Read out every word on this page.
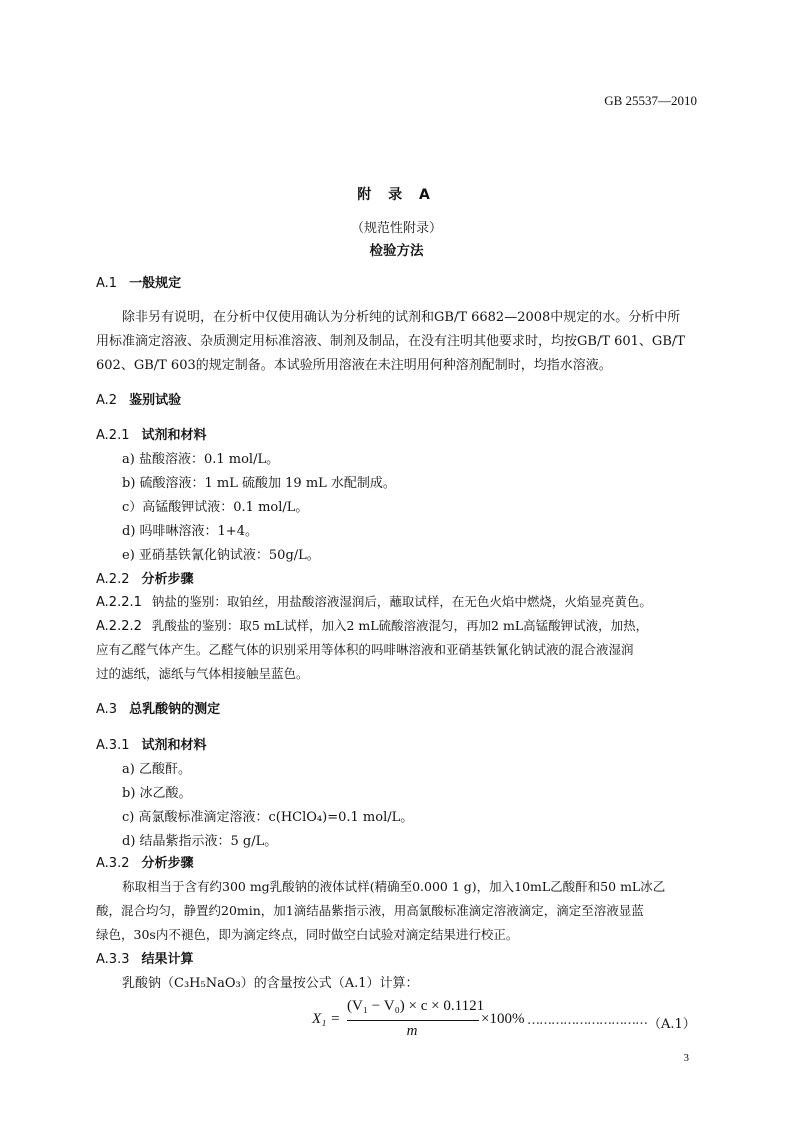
GB 25537—2010
附 录 A
（规范性附录）
检验方法
A.1 一般规定
除非另有说明，在分析中仅使用确认为分析纯的试剂和GB/T 6682—2008中规定的水。分析中所
用标准滴定溶液、杂质测定用标准溶液、制剂及制品，在没有注明其他要求时，均按GB/T 601、GB/T
602、GB/T 603的规定制备。本试验所用溶液在未注明用何种溶剂配制时，均指水溶液。
A.2 鉴别试验
A.2.1 试剂和材料
a) 盐酸溶液：0.1 mol/L。
b) 硫酸溶液：1 mL 硫酸加 19 mL 水配制成。
c）高锰酸钾试液：0.1 mol/L。
d) 吗啡啉溶液：1+4。
e) 亚硝基铁氰化钠试液：50g/L。
A.2.2 分析步骤
A.2.2.1 钠盐的鉴别：取铂丝，用盐酸溶液湿润后，蘸取试样，在无色火焰中燃烧，火焰显亮黄色。
A.2.2.2 乳酸盐的鉴别：取5 mL试样，加入2 mL硫酸溶液混匀，再加2 mL高锰酸钾试液，加热，
应有乙醛气体产生。乙醛气体的识别采用等体积的吗啡啉溶液和亚硝基铁氰化钠试液的混合液湿润
过的滤纸，滤纸与气体相接触呈蓝色。
A.3 总乳酸钠的测定
A.3.1 试剂和材料
a) 乙酸酐。
b) 冰乙酸。
c) 高氯酸标准滴定溶液：c(HClO₄)=0.1 mol/L。
d) 结晶紫指示液：5 g/L。
A.3.2 分析步骤
称取相当于含有约300 mg乳酸钠的液体试样(精确至0.000 1 g)，加入10mL乙酸酐和50 mL冰乙
酸，混合均匀，静置约20min，加1滴结晶紫指示液，用高氯酸标准滴定溶液滴定，滴定至溶液显蓝
绿色，30s内不褪色，即为滴定终点，同时做空白试验对滴定结果进行校正。
A.3.3 结果计算
乳酸钠（C₃H₅NaO₃）的含量按公式（A.1）计算：
X₁ =
(V₁ − V₀) × c × 0.1121
m
×100% ………………………… （A.1）
3
